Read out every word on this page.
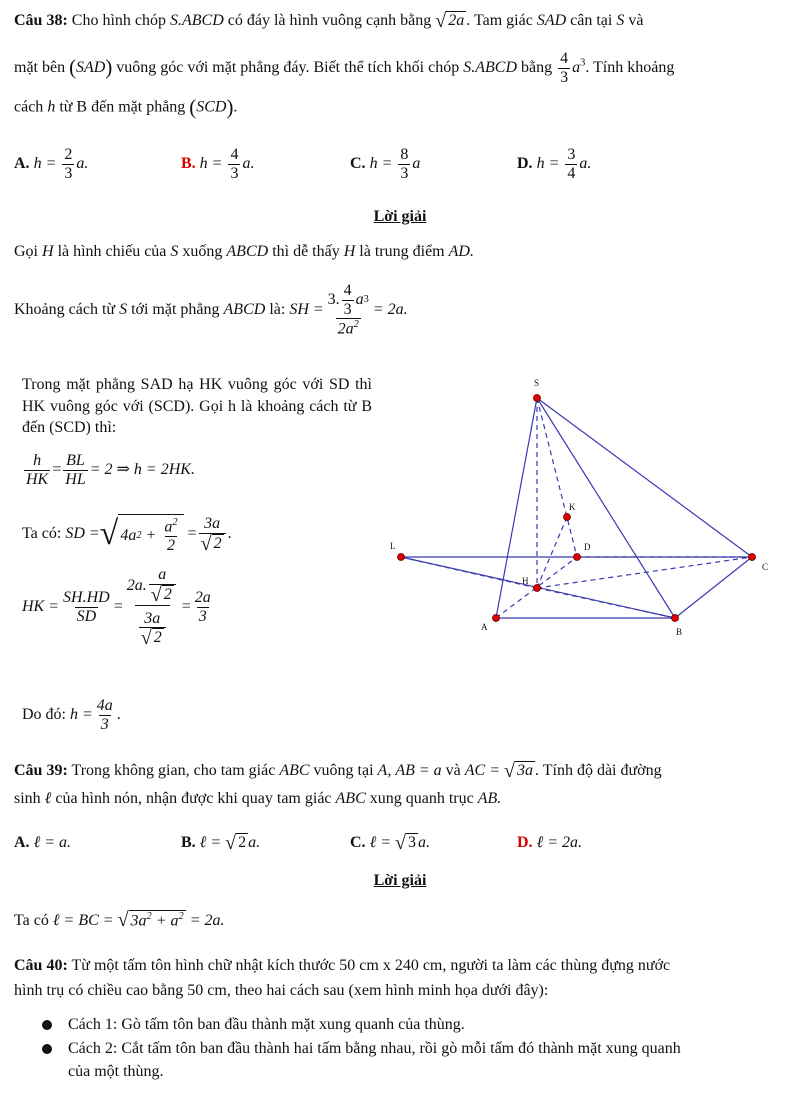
Câu 38: Cho hình chóp S.ABCD có đáy là hình vuông cạnh bằng √ 2a . Tam giác SAD cân tại S và
mặt bên (SAD) vuông góc với mặt phẳng đáy. Biết thể tích khối chóp S.ABCD bằng $\frac{4}{3} a^3$. Tính khoảng
cách h từ B đến mặt phẳng (SCD).
A. $h = \frac{2}{3} a$.	B. $h = \frac{4}{3} a$.	C. $h = \frac{8}{3}$ a	D. $h = \frac{3}{4} a$.
Lời giải
Gọi H là hình chiếu của S xuống ABCD thì dễ thấy H là trung điểm AD.
Khoảng cách từ
S
tới mặt phẳng
ABCD
là:
SH = $\frac{3. \frac{4}{3} a 3}{2a^2} = 2a$.
Trong mặt phẳng SAD hạ HK vuông góc với SD thì HK vuông góc với (SCD). Gọi h là khoảng cách từ B đến (SCD) thì:
$\frac{h}{HK} = \frac{BL}{HL} = 2$ ⇒ h = 2HK.
Ta có:
SD = √ 4a $2 + \frac{a^2}{2} = \frac{3a}{√ 2}$ .
HK = $\frac{SH.HD}{SD} = \frac{2a. \frac{a}{√ 2}}{\frac{3a}{√ 2}} = \frac{2a}{3}$
Do đó:
$h = \frac{4a}{3}$ .
S
K
L	D
C
H
A	B
Câu 39: Trong không gian, cho tam giác ABC vuông tại A, AB = a và AC = √ 3a . Tính độ dài đường
sinh ℓ của hình nón, nhận được khi quay tam giác ABC xung quanh trục AB.
A. ℓ = a.	B. ℓ = √ 2 a.	C. ℓ = √ 3 a.	D. ℓ = 2a.
Lời giải
Ta có
ℓ = BC =
√ $3a^2 + a^2$
= 2a.
Câu 40: Từ một tấm tôn hình chữ nhật kích thước 50 cm x 240 cm, người ta làm các thùng đựng nước
hình trụ có chiều cao bằng 50 cm, theo hai cách sau (xem hình minh họa dưới đây):
Cách 1: Gò tấm tôn ban đầu thành mặt xung quanh của thùng.
Cách 2: Cắt tấm tôn ban đầu thành hai tấm bằng nhau, rồi gò mỗi tấm đó thành mặt xung quanh
của một thùng.
